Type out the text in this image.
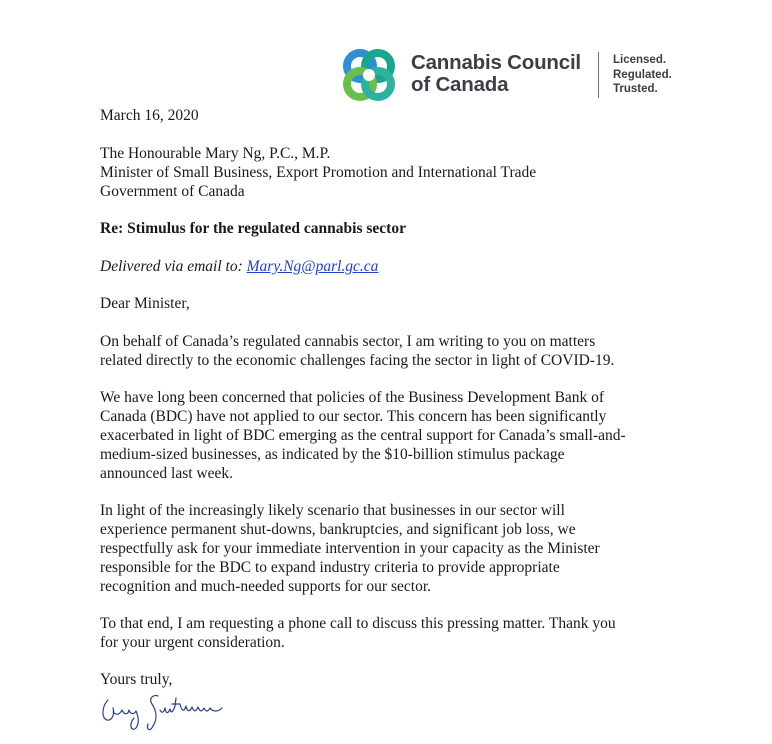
Cannabis Council
of Canada
Licensed.
Regulated.
Trusted.
March 16, 2020
The Honourable Mary Ng, P.C., M.P.
Minister of Small Business, Export Promotion and International Trade
Government of Canada
Re: Stimulus for the regulated cannabis sector
Delivered via email to: Mary.Ng@parl.gc.ca
Dear Minister,
On behalf of Canada’s regulated cannabis sector, I am writing to you on matters
related directly to the economic challenges facing the sector in light of COVID-19.
We have long been concerned that policies of the Business Development Bank of
Canada (BDC) have not applied to our sector. This concern has been significantly
exacerbated in light of BDC emerging as the central support for Canada’s small-and-
medium-sized businesses, as indicated by the $10-billion stimulus package
announced last week.
In light of the increasingly likely scenario that businesses in our sector will
experience permanent shut-downs, bankruptcies, and significant job loss, we
respectfully ask for your immediate intervention in your capacity as the Minister
responsible for the BDC to expand industry criteria to provide appropriate
recognition and much-needed supports for our sector.
To that end, I am requesting a phone call to discuss this pressing matter. Thank you
for your urgent consideration.
Yours truly,
